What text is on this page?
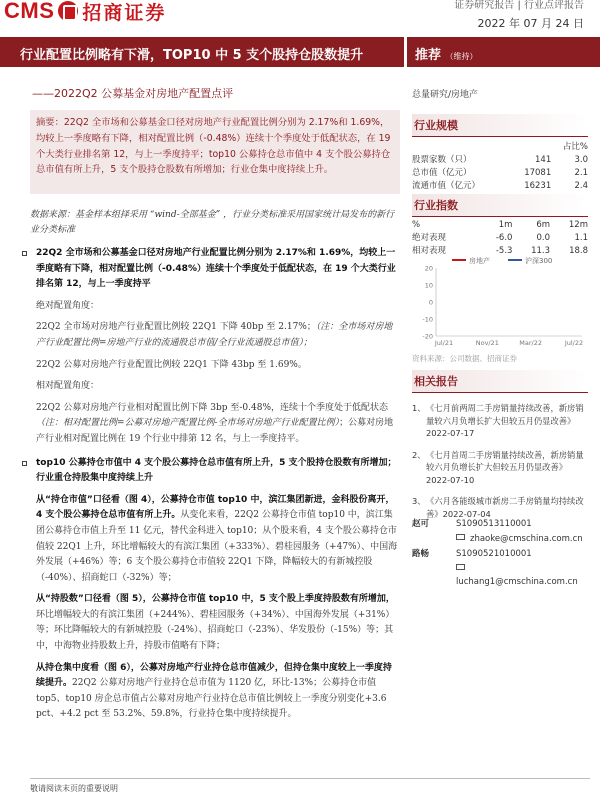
CMS 招商证券	证券研究报告 | 行业点评报告
2022 年 07 月 24 日
行业配置比例略有下滑，TOP10 中 5 支个股持仓股数提升	推荐 （维持）
——2022Q2 公募基金对房地产配置点评	总量研究/房地产
摘要：22Q2 全市场和公募基金口径对房地产行业配置比例分别为 2.17%和 1.69%，均较上一季度略有下降，相对配置比例（-0.48%）连续十个季度处于低配状态，在 19 个大类行业排名第 12，与上一季度持平；top10 公募持仓总市值中 4 支个股公募持仓总市值有所上升，5 支个股持仓股数有所增加；行业仓集中度持续上升。
数据来源：基金样本组择采用 “wind-全部基金” ，行业分类标准采用国家统计局发布的新行业分类标准
22Q2 全市场和公募基金口径对房地产行业配置比例分别为 2.17%和 1.69%，均较上一季度略有下降，相对配置比例（-0.48%）连续十个季度处于低配状态，在 19 个大类行业排名第 12，与上一季度持平
绝对配置角度：
22Q2 全市场对房地产行业配置比例较 22Q1 下降 40bp 至 2.17%；（注：全市场对房地产行业配置比例=房地产行业的流通股总市值/全行业流通股总市值）；
22Q2 公募对房地产行业配置比例较 22Q1 下降 43bp 至 1.69%。
相对配置角度：
22Q2 公募对房地产行业相对配置比例下降 3bp 至-0.48%，连续十个季度处于低配状态（注：相对配置比例=公募对房地产配置比例-全市场对房地产行业配置比例）；公募对房地产行业相对配置比例在 19 个行业中排第 12 名，与上一季度持平。
top10 公募持仓市值中 4 支个股公募持仓总市值有所上升，5 支个股持仓股数有所增加；行业重仓持股集中度持续上升
从“持仓市值”口径看（图 4），公募持仓市值 top10 中，滨江集团新进，金科股份离开，4 支个股公募持仓总市值有所上升。从变化来看，22Q2 公募持仓市值 top10 中，滨江集团公募持仓市值上升至 11 亿元，替代金科进入 top10；从个股来看，4 支个股公募持仓市值较 22Q1 上升，环比增幅较大的有滨江集团（+333%）、碧桂园服务（+47%）、中国海外发展（+46%）等；6 支个股公募持仓市值较 22Q1 下降，降幅较大的有新城控股（-40%）、招商蛇口（-32%）等；
从“持股数”口径看（图 5），公募持仓市值 top10 中，5 支个股上季度持股数有所增加，环比增幅较大的有滨江集团（+244%）、碧桂园服务（+34%）、中国海外发展（+31%）等；环比降幅较大的有新城控股（-24%）、招商蛇口（-23%）、华发股份（-15%）等；其中，中海物业持股数上升，持股市值略有下降；
从持仓集中度看（图 6），公募对房地产行业持仓总市值减少，但持仓集中度较上一季度持续提升。22Q2 公募对房地产行业持仓总市值为 1120 亿，环比-13%；公募持仓市值 top5、top10 房企总市值占公募对房地产行业持仓总市值比例较上一季度分别变化+3.6 pct、+4.2 pct 至 53.2%、59.8%，行业持仓集中度持续提升。
行业规模
		占比%
股票家数（只）	141	3.0
总市值（亿元）	17081	2.1
流通市值（亿元）	16231	2.4
行业指数
%	1m	6m	12m
绝对表现	-6.0	0.0	1.1
相对表现	-5.3	11.3	18.8
房地产	沪深300
20
10
0
-10
-20
Jul/21	Nov/21	Mar/22	Jul/22
资料来源：公司数据、招商证券
相关报告
1、 《七月前两周二手房销量持续改善，新房销量较六月负增长扩大但较五月仍显改善》2022-07-17
2、 《七月首周二手房销量持续改善，新房销量较六月负增长扩大但较五月仍显改善》2022-07-10
3、 《六月各能级城市新房二手房销量均持续改善》2022-07-04
赵可	S1090513110001
zhaoke@cmschina.com.cn
路畅	S1090521010001
luchang1@cmschina.com.cn
敬请阅读末页的重要说明
